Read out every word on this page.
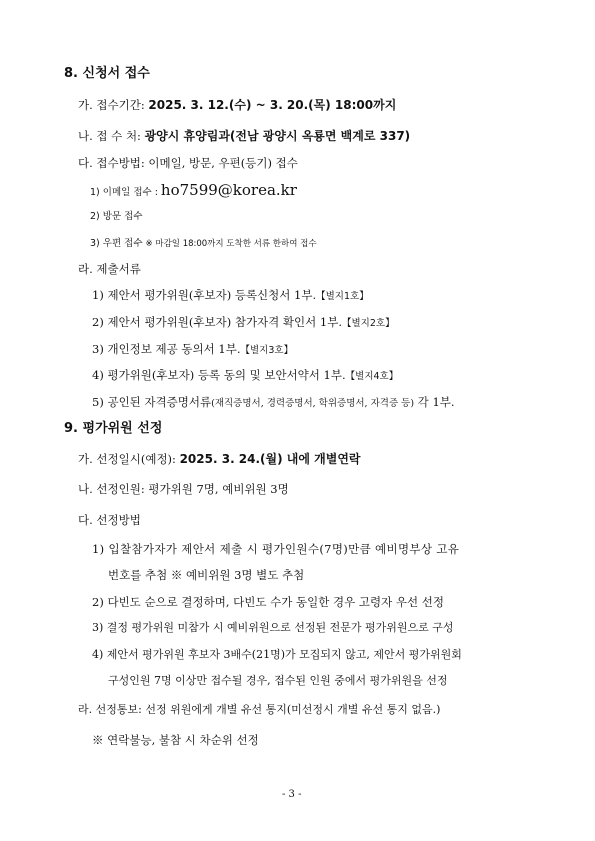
8. 신청서 접수
가. 접수기간: 2025. 3. 12.(수) ~ 3. 20.(목) 18:00까지
나. 접 수 처: 광양시 휴양림과(전남 광양시 옥룡면 백계로 337)
다. 접수방법: 이메일, 방문, 우편(등기) 접수
1) 이메일 접수 : ho7599@korea.kr
2) 방문 접수
3) 우편 접수 ※ 마감일 18:00까지 도착한 서류 한하여 접수
라. 제출서류
1) 제안서 평가위원(후보자) 등록신청서 1부.【별지1호】
2) 제안서 평가위원(후보자) 참가자격 확인서 1부.【별지2호】
3) 개인정보 제공 동의서 1부.【별지3호】
4) 평가위원(후보자) 등록 동의 및 보안서약서 1부.【별지4호】
5) 공인된 자격증명서류(재직증명서, 경력증명서, 학위증명서, 자격증 등) 각 1부.
9. 평가위원 선정
가. 선정일시(예정): 2025. 3. 24.(월) 내에 개별연락
나. 선정인원: 평가위원 7명, 예비위원 3명
다. 선정방법
1) 입찰참가자가 제안서 제출 시 평가인원수(7명)만큼 예비명부상 고유
번호를 추첨 ※ 예비위원 3명 별도 추첨
2) 다빈도 순으로 결정하며, 다빈도 수가 동일한 경우 고령자 우선 선정
3) 결정 평가위원 미참가 시 예비위원으로 선정된 전문가 평가위원으로 구성
4) 제안서 평가위원 후보자 3배수(21명)가 모집되지 않고, 제안서 평가위원회
구성인원 7명 이상만 접수될 경우, 접수된 인원 중에서 평가위원을 선정
라. 선정통보: 선정 위원에게 개별 유선 통지(미선정시 개별 유선 통지 없음.)
※ 연락불능, 불참 시 차순위 선정
- 3 -
